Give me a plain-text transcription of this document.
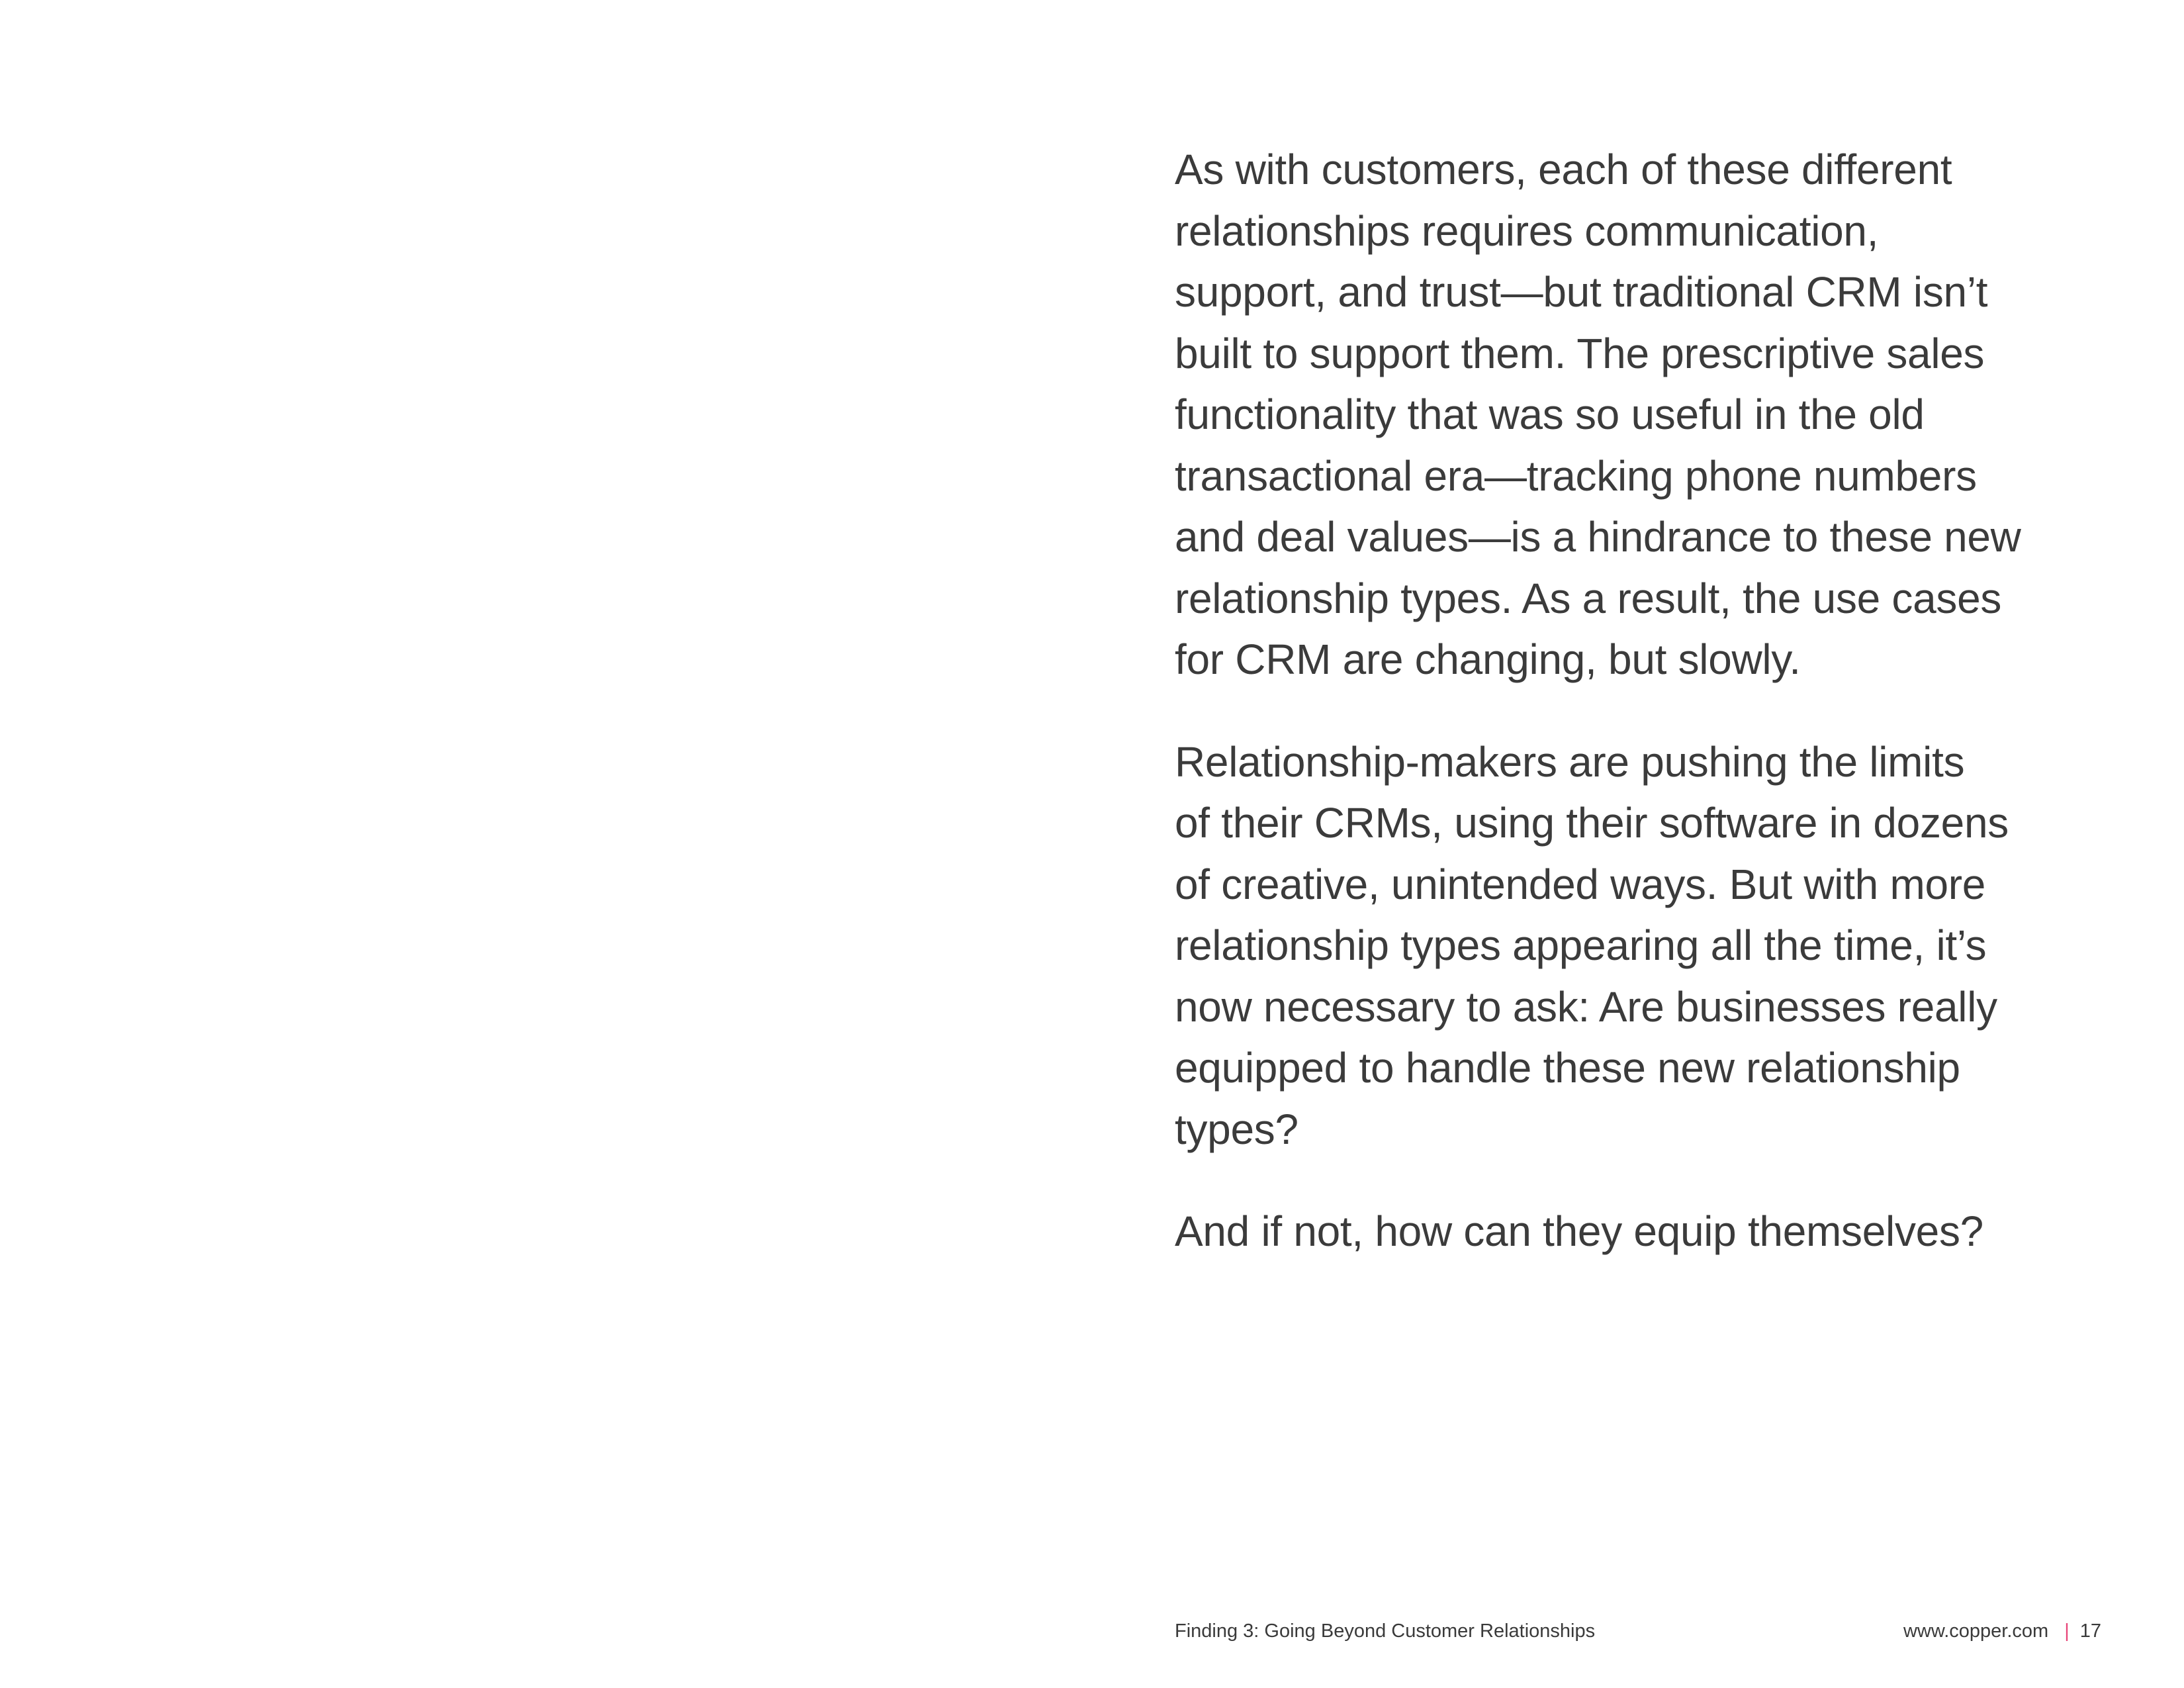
As with customers, each of these different
relationships requires communication,
support, and trust—but traditional CRM isn’t
built to support them. The prescriptive sales
functionality that was so useful in the old
transactional era—tracking phone numbers
and deal values—is a hindrance to these new
relationship types. As a result, the use cases
for CRM are changing, but slowly.

Relationship-makers are pushing the limits
of their CRMs, using their software in dozens
of creative, unintended ways. But with more
relationship types appearing all the time, it’s
now necessary to ask: Are businesses really
equipped to handle these new relationship
types?

And if not, how can they equip themselves?

Finding 3: Going Beyond Customer Relationships	www.copper.com | 17
